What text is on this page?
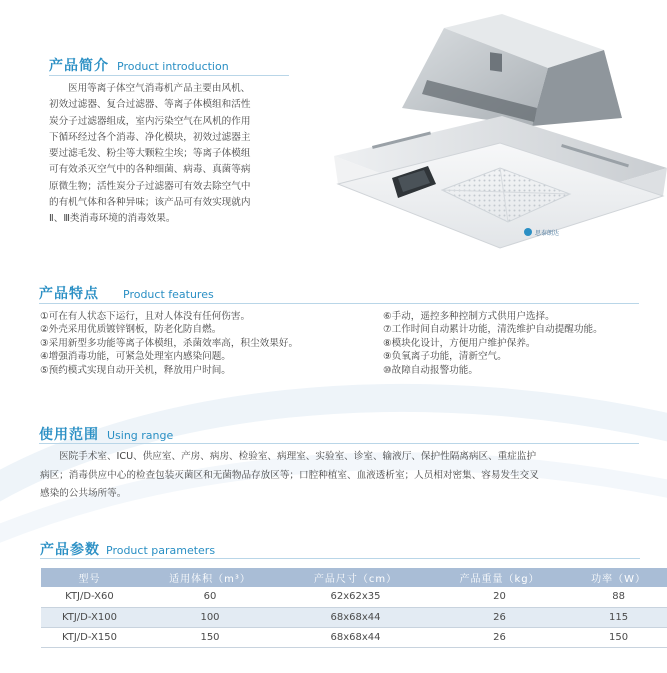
思泰朗达
产品简介 Product introduction
医用等离子体空气消毒机产品主要由风机、
初效过滤器、复合过滤器、等离子体模组和活性
炭分子过滤器组成，室内污染空气在风机的作用
下循环经过各个消毒、净化模块，初效过滤器主
要过滤毛发、粉尘等大颗粒尘埃；等离子体模组
可有效杀灭空气中的各种细菌、病毒、真菌等病
原微生物；活性炭分子过滤器可有效去除空气中
的有机气体和各种异味；该产品可有效实现就内
Ⅱ、Ⅲ类消毒环境的消毒效果。
产品特点 Product features
①可在有人状态下运行，且对人体没有任何伤害。
②外壳采用优质镀锌钢板，防老化防自燃。
③采用新型多功能等离子体模组，杀菌效率高，积尘效果好。
④增强消毒功能，可紧急处理室内感染问题。
⑤预约模式实现自动开关机，释放用户时间。
⑥手动，遥控多种控制方式供用户选择。
⑦工作时间自动累计功能，清洗维护自动提醒功能。
⑧模块化设计，方便用户维护保养。
⑨负氧离子功能，清新空气。
⑩故障自动报警功能。
使用范围 Using range
医院手术室、ICU、供应室、产房、病房、检验室、病理室、实验室、诊室、输液厅、保护性隔离病区、重症监护
病区；消毒供应中心的检查包装灭菌区和无菌物品存放区等；口腔种植室、血液透析室；人员相对密集、容易发生交叉
感染的公共场所等。
产品参数 Product parameters
型号	适用体积（m³）	产品尺寸（cm）	产品重量（kg）	功率（W）
KTJ/D-X60	60	62x62x35	20	88
KTJ/D-X100	100	68x68x44	26	115
KTJ/D-X150	150	68x68x44	26	150
